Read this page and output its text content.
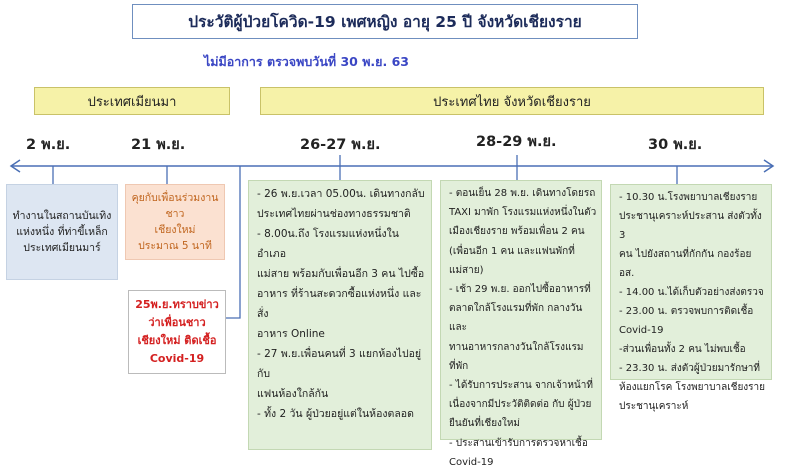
ประวัติผู้ป่วยโควิด-19 เพศหญิง อายุ 25 ปี จังหวัดเชียงราย
ไม่มีอาการ ตรวจพบวันที่ 30 พ.ย. 63
ประเทศเมียนมา	ประเทศไทย จังหวัดเชียงราย
2 พ.ย.	21 พ.ย.	26-27 พ.ย.	28-29 พ.ย.	30 พ.ย.
ทำงานในสถานบันเทิง
แห่งหนึ่ง ที่ท่าขี้เหล็ก
ประเทศเมียนมาร์
คุยกับเพื่อนร่วมงานชาว
เชียงใหม่
ประมาณ 5 นาที
25พ.ย.ทราบข่าว
ว่าเพื่อนชาว
เชียงใหม่ ติดเชื้อ
Covid-19
- 26 พ.ย.เวลา 05.00น. เดินทางกลับ
ประเทศไทยผ่านช่องทางธรรมชาติ
- 8.00น.ถึง โรงแรมแห่งหนึ่งในอำเภอ
แม่สาย พร้อมกับเพื่อนอีก 3 คน ไปซื้อ
อาหาร ที่ร้านสะดวกซื้อแห่งหนึ่ง และสั่ง
อาหาร Online
- 27 พ.ย.เพื่อนคนที่ 3 แยกห้องไปอยู่กับ
แฟนห้องใกล้กัน
- ทั้ง 2 วัน ผู้ป่วยอยู่แต่ในห้องตลอด
- ตอนเย็น 28 พ.ย. เดินทางโดยรถ
TAXI มาพัก โรงแรมแห่งหนึ่งในตัว
เมืองเชียงราย พร้อมเพื่อน 2 คน
(เพื่อนอีก 1 คน และแฟนพักที่
แม่สาย)
- เช้า 29 พ.ย. ออกไปซื้ออาหารที่
ตลาดใกล้โรงแรมที่พัก กลางวันและ
ทานอาหารกลางวันใกล้โรงแรมที่พัก
- ได้รับการประสาน จากเจ้าหน้าที่
เนื่องจากมีประวัติติดต่อ กับ ผู้ป่วย
ยืนยันที่เชียงใหม่
- ประสานเข้ารับการตรวจหาเชื้อ
Covid-19
- 10.30 น.โรงพยาบาลเชียงราย
ประชานุเคราะห์ประสาน ส่งตัวทั้ง 3
คน ไปยังสถานที่กักกัน กองร้อย อส.
- 14.00 น.ได้เก็บตัวอย่างส่งตรวจ
- 23.00 น. ตรวจพบการติดเชื้อ
Covid-19
-ส่วนเพื่อนทั้ง 2 คน ไม่พบเชื้อ
- 23.30 น. ส่งตัวผู้ป่วยมารักษาที่
ห้องแยกโรค โรงพยาบาลเชียงราย
ประชานุเคราะห์
